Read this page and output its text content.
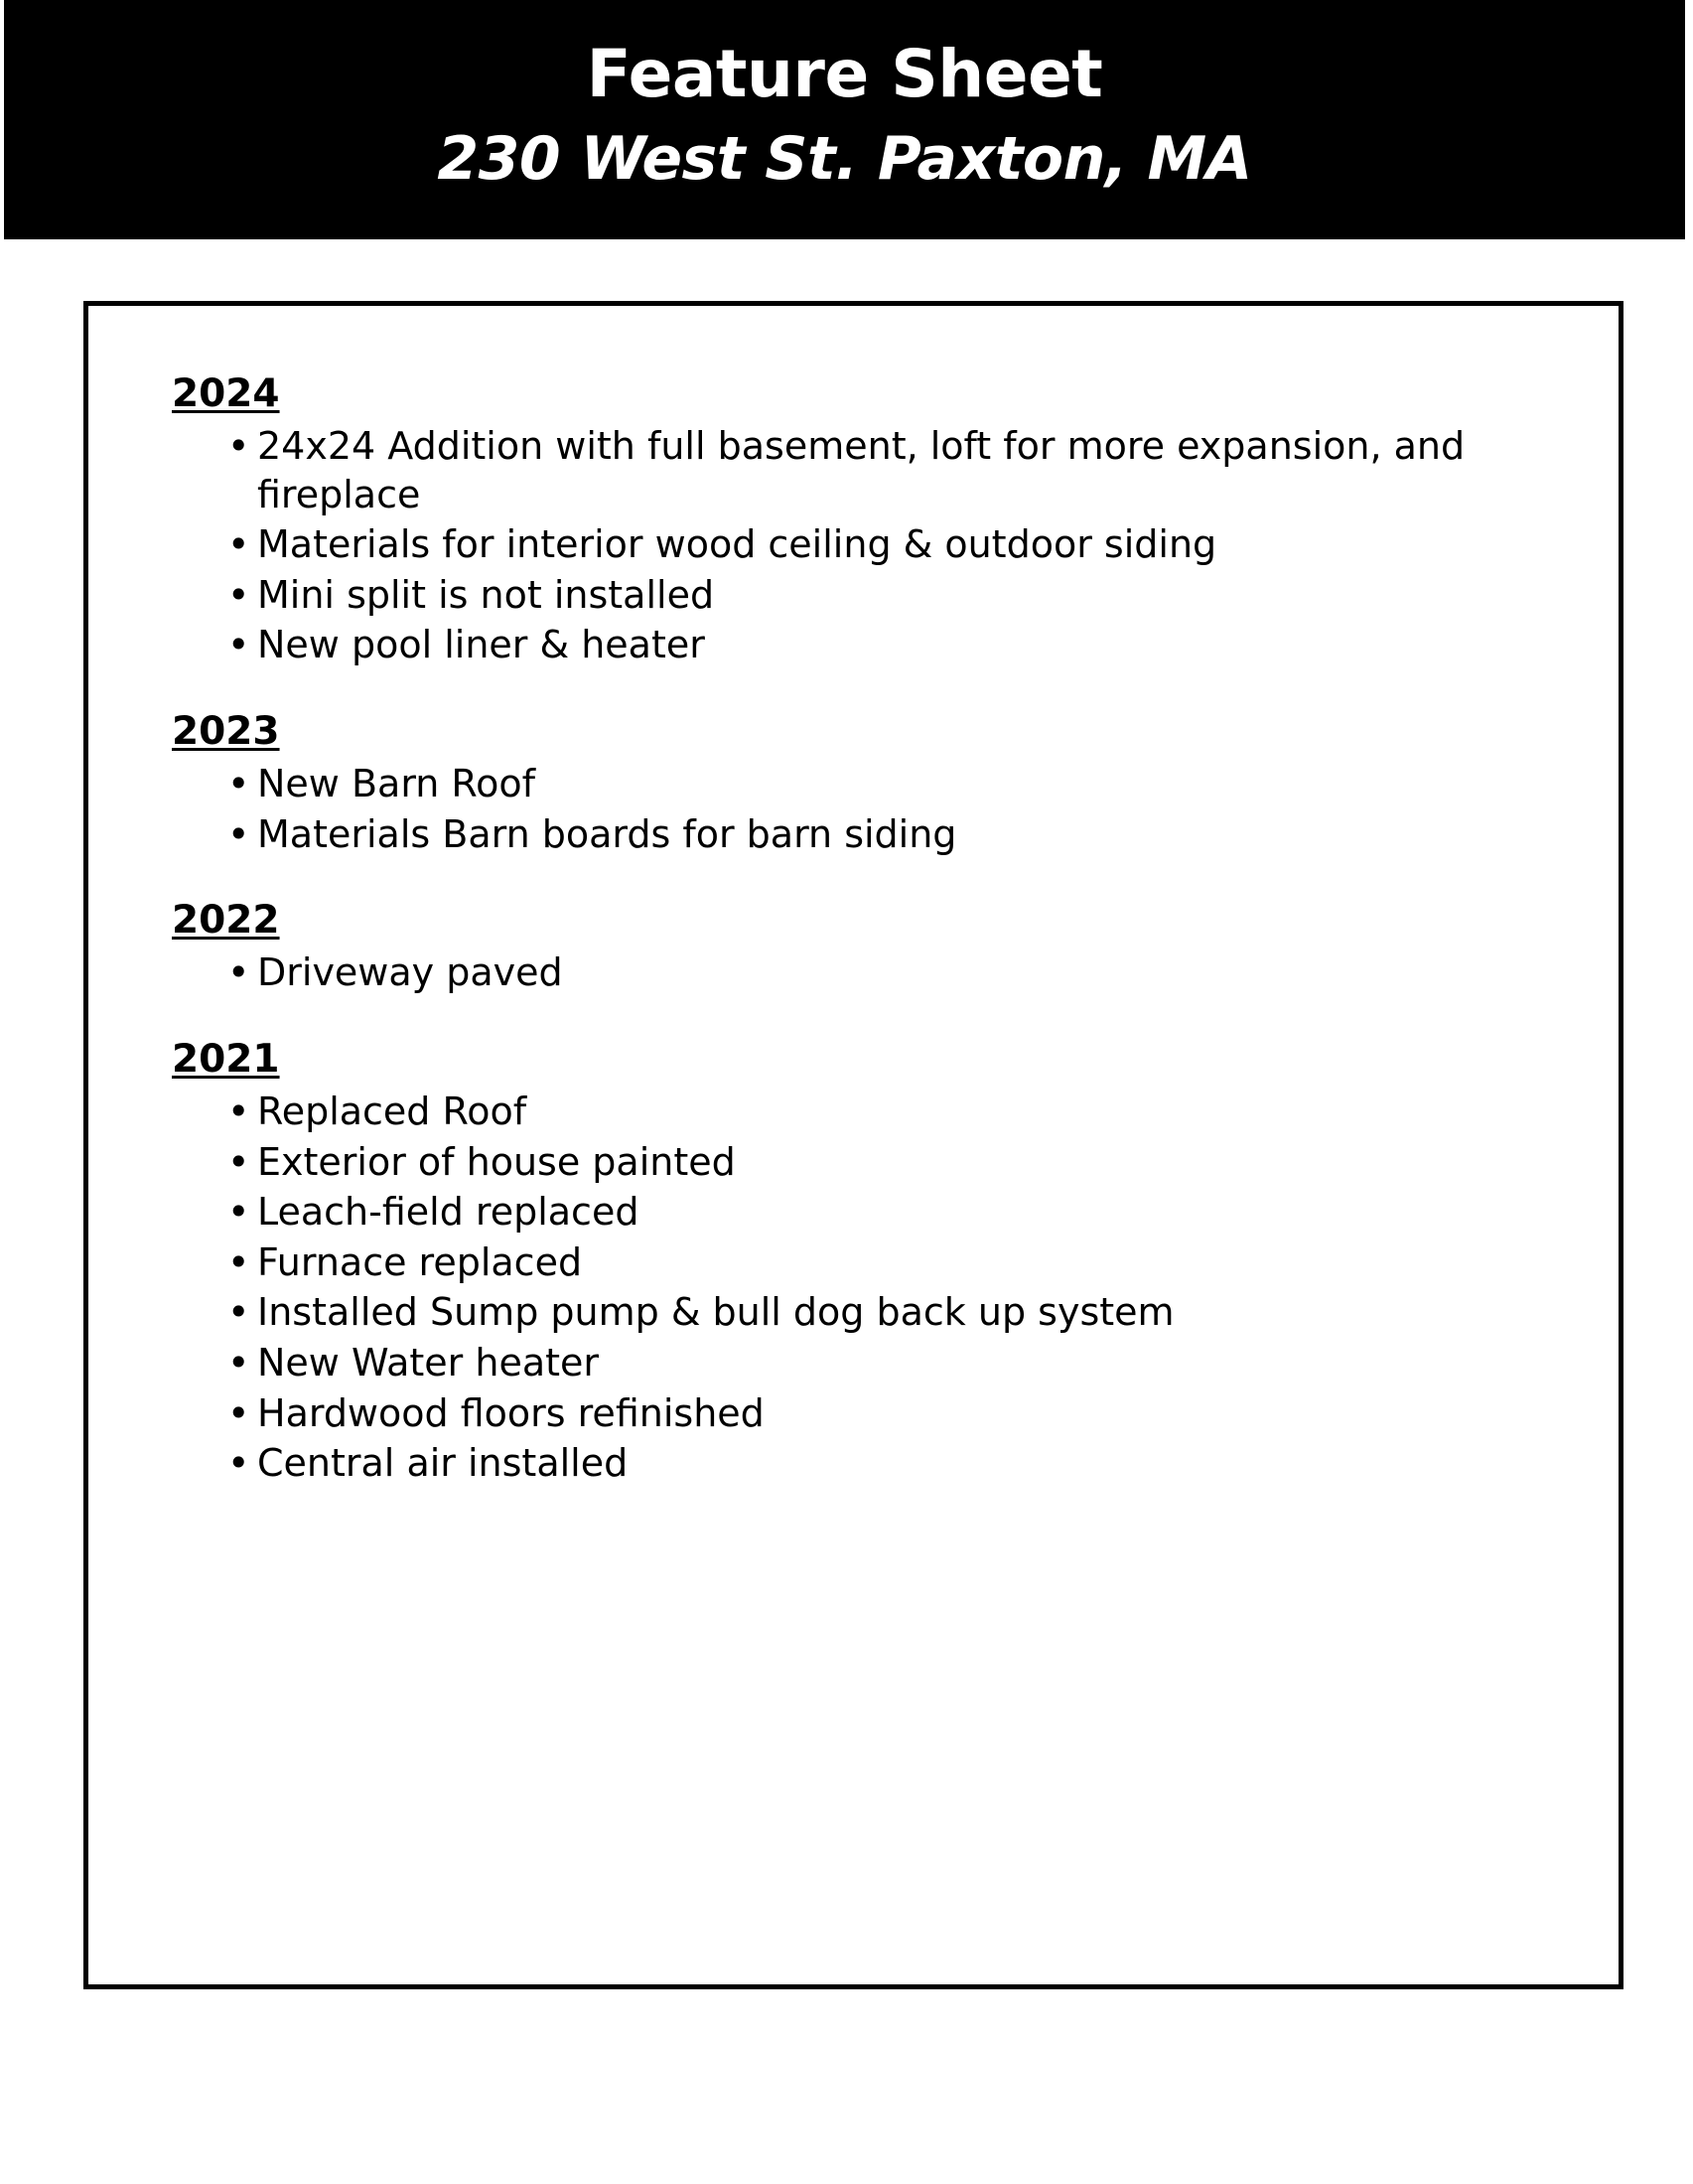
Feature Sheet
230 West St. Paxton, MA
2024
• 24x24 Addition with full basement, loft for more expansion, and fireplace
• Materials for interior wood ceiling & outdoor siding
• Mini split is not installed
• New pool liner & heater
2023
• New Barn Roof
• Materials Barn boards for barn siding
2022
• Driveway paved
2021
• Replaced Roof
• Exterior of house painted
• Leach-field replaced
• Furnace replaced
• Installed Sump pump & bull dog back up system
• New Water heater
• Hardwood floors refinished
• Central air installed
